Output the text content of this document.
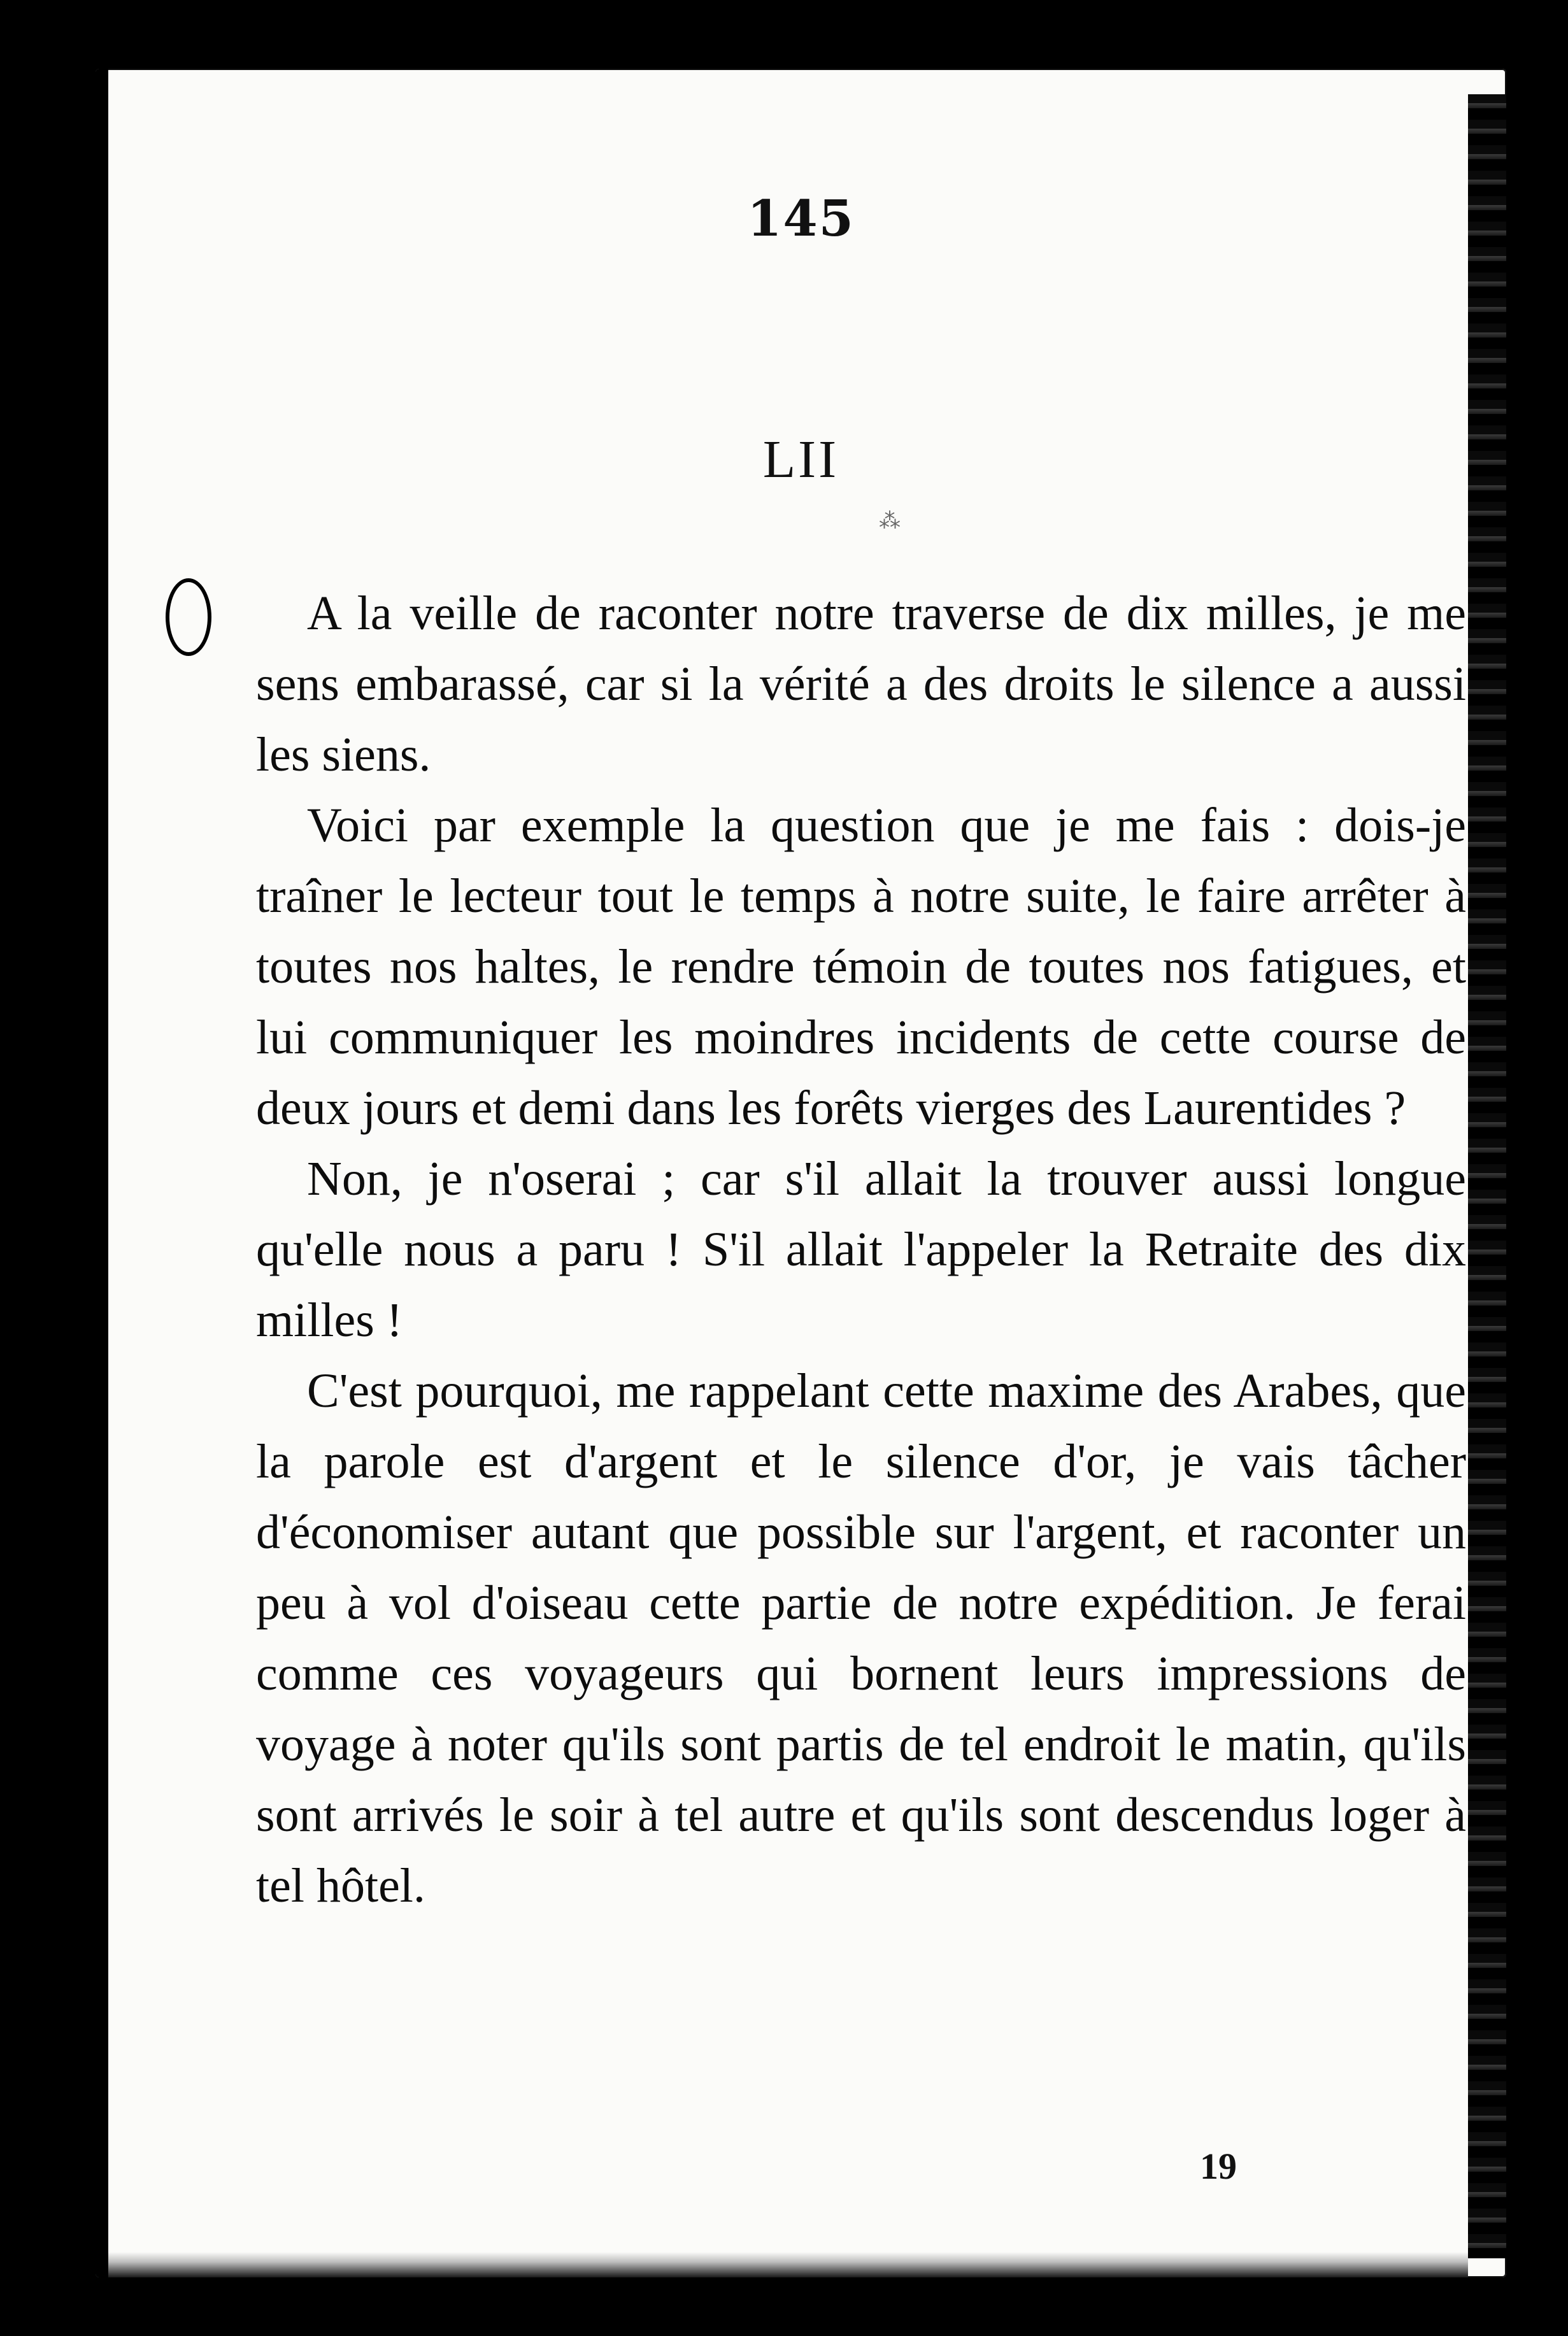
145
LII
⁂

A la veille de raconter notre traverse de dix milles, je me sens embarassé, car si la vérité a des droits le silence a aussi les siens.

Voici par exemple la question que je me fais : dois-je traîner le lecteur tout le temps à notre suite, le faire arrêter à toutes nos haltes, le rendre témoin de toutes nos fatigues, et lui communiquer les moindres incidents de cette course de deux jours et demi dans les forêts vierges des Laurentides ?

Non, je n'oserai ; car s'il allait la trouver aussi longue qu'elle nous a paru ! S'il allait l'appeler la Retraite des dix milles !

C'est pourquoi, me rappelant cette maxime des Arabes, que la parole est d'argent et le silence d'or, je vais tâcher d'économiser autant que possible sur l'argent, et raconter un peu à vol d'oiseau cette partie de notre expédition. Je ferai comme ces voyageurs qui bornent leurs impressions de voyage à noter qu'ils sont partis de tel endroit le matin, qu'ils sont arrivés le soir à tel autre et qu'ils sont descendus loger à tel hôtel.

19
